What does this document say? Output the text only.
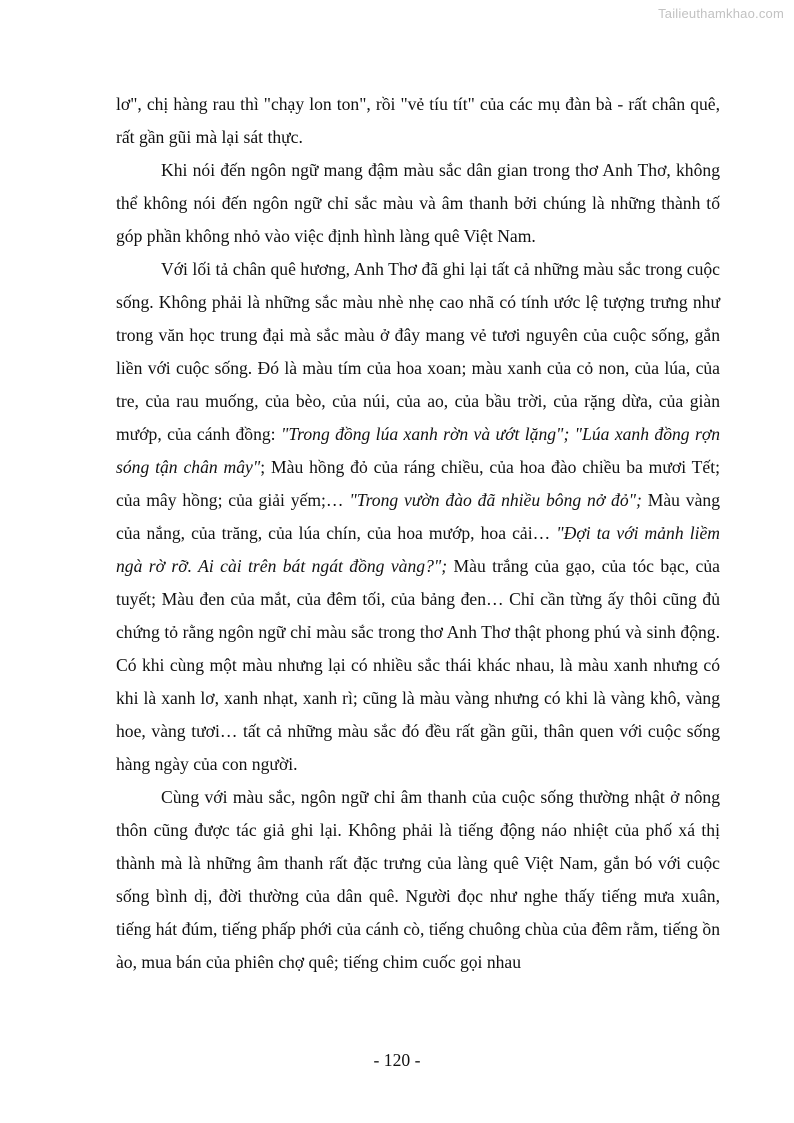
Tailieuthamkhao.com

lơ", chị hàng rau thì "chạy lon ton", rồi "vẻ tíu tít" của các mụ đàn bà - rất chân quê, rất gần gũi mà lại sát thực.

Khi nói đến ngôn ngữ mang đậm màu sắc dân gian trong thơ Anh Thơ, không thể không nói đến ngôn ngữ chỉ sắc màu và âm thanh bởi chúng là những thành tố góp phần không nhỏ vào việc định hình làng quê Việt Nam.

Với lối tả chân quê hương, Anh Thơ đã ghi lại tất cả những màu sắc trong cuộc sống. Không phải là những sắc màu nhè nhẹ cao nhã có tính ước lệ tượng trưng như trong văn học trung đại mà sắc màu ở đây mang vẻ tươi nguyên của cuộc sống, gắn liền với cuộc sống. Đó là màu tím của hoa xoan; màu xanh của cỏ non, của lúa, của tre, của rau muống, của bèo, của núi, của ao, của bầu trời, của rặng dừa, của giàn mướp, của cánh đồng: "Trong đồng lúa xanh rờn và ướt lặng"; "Lúa xanh đồng rợn sóng tận chân mây"; Màu hồng đỏ của ráng chiều, của hoa đào chiều ba mươi Tết; của mây hồng; của giải yếm;… "Trong vườn đào đã nhiều bông nở đỏ"; Màu vàng của nắng, của trăng, của lúa chín, của hoa mướp, hoa cải… "Đợi ta với mảnh liềm ngà rờ rỡ. Ai cài trên bát ngát đồng vàng?"; Màu trắng của gạo, của tóc bạc, của tuyết; Màu đen của mắt, của đêm tối, của bảng đen… Chỉ cần từng ấy thôi cũng đủ chứng tỏ rằng ngôn ngữ chỉ màu sắc trong thơ Anh Thơ thật phong phú và sinh động. Có khi cùng một màu nhưng lại có nhiều sắc thái khác nhau, là màu xanh nhưng có khi là xanh lơ, xanh nhạt, xanh rì; cũng là màu vàng nhưng có khi là vàng khô, vàng hoe, vàng tươi… tất cả những màu sắc đó đều rất gần gũi, thân quen với cuộc sống hàng ngày của con người.

Cùng với màu sắc, ngôn ngữ chỉ âm thanh của cuộc sống thường nhật ở nông thôn cũng được tác giả ghi lại. Không phải là tiếng động náo nhiệt của phố xá thị thành mà là những âm thanh rất đặc trưng của làng quê Việt Nam, gắn bó với cuộc sống bình dị, đời thường của dân quê. Người đọc như nghe thấy tiếng mưa xuân, tiếng hát đúm, tiếng phấp phới của cánh cò, tiếng chuông chùa của đêm rằm, tiếng ồn ào, mua bán của phiên chợ quê; tiếng chim cuốc gọi nhau

- 120 -
